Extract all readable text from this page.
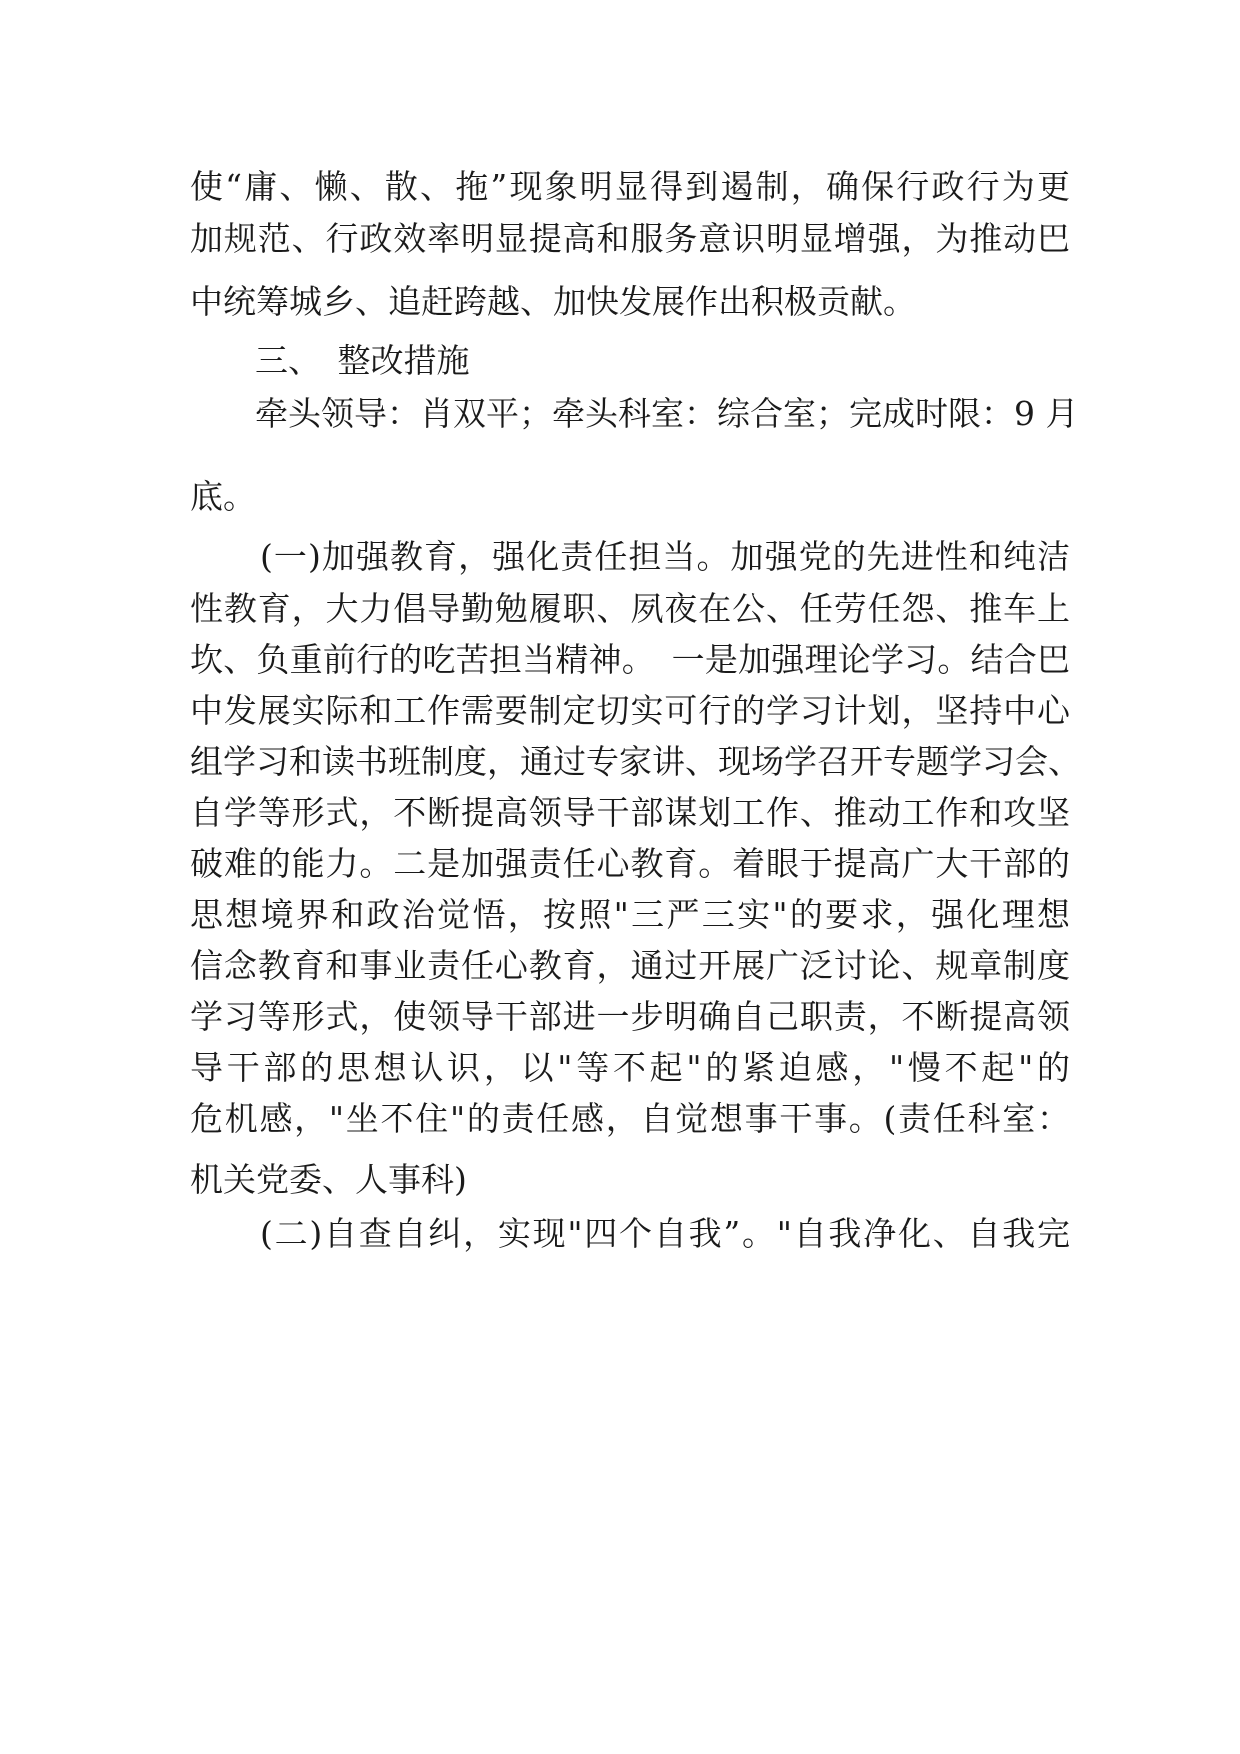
使“庸、懒、散、拖”现象明显得到遏制，确保行政行为更
加规范、行政效率明显提高和服务意识明显增强，为推动巴
中统筹城乡、追赶跨越、加快发展作出积极贡献。
三、　整改措施
牵头领导：肖双平；牵头科室：综合室；完成时限：9 月
底。
(一)加强教育，强化责任担当。加强党的先进性和纯洁
性教育，大力倡导勤勉履职、夙夜在公、任劳任怨、推车上
坎、负重前行的吃苦担当精神。　一是加强理论学习。结合巴
中发展实际和工作需要制定切实可行的学习计划，坚持中心
组学习和读书班制度，通过专家讲、现场学召开专题学习会、
自学等形式，不断提高领导干部谋划工作、推动工作和攻坚
破难的能力。二是加强责任心教育。着眼于提高广大干部的
思想境界和政治觉悟，按照"三严三实"的要求，强化理想
信念教育和事业责任心教育，通过开展广泛讨论、规章制度
学习等形式，使领导干部进一步明确自己职责，不断提高领
导干部的思想认识，以"等不起"的紧迫感，"慢不起"的
危机感，"坐不住"的责任感，自觉想事干事。(责任科室：
机关党委、人事科)
(二)自查自纠，实现"四个自我”。"自我净化、自我完
